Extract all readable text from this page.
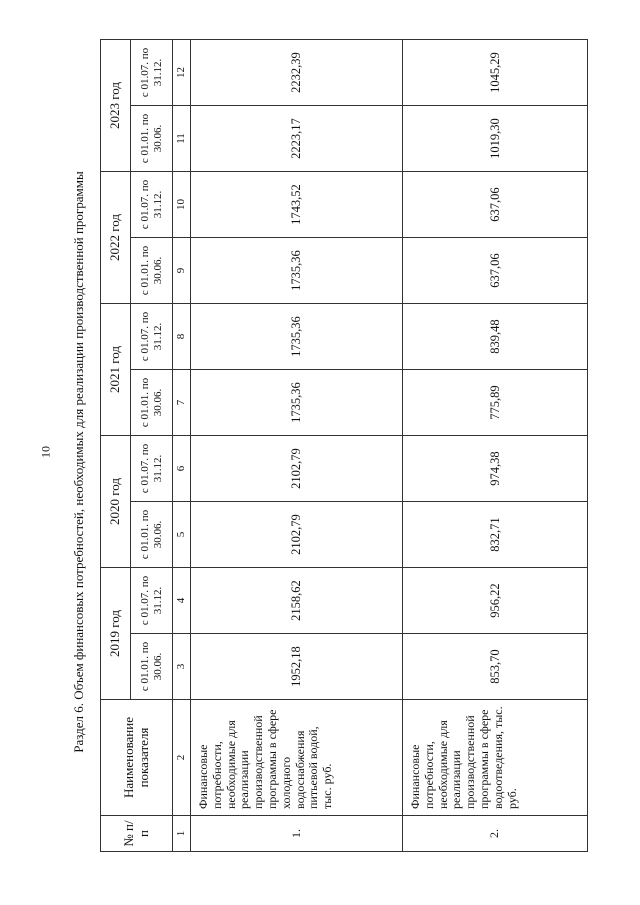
10 Раздел 6. Объем финансовых потребностей, необходимых для реализации производственной программы
№ п/п	Наименование показателя	2019 год		2020 год		2021 год		2022 год		2023 год	
		с 01.01. по 30.06.	с 01.07. по 31.12.	с 01.01. по 30.06.	с 01.07. по 31.12.	с 01.01. по 30.06.	с 01.07. по 31.12.	с 01.01. по 30.06.	с 01.07. по 31.12.	с 01.01. по 30.06.	с 01.07. по 31.12.
1	2	3	4	5	6	7	8	9	10	11	12
1.	Финансовые потребности, необходимые для реализации производственной программы в сфере холодного водоснабжения питьевой водой, тыс. руб.	1952,18	2158,62	2102,79	2102,79	1735,36	1735,36	1735,36	1743,52	2223,17	2232,39
2.	Финансовые потребности, необходимые для реализации производственной программы в сфере водоотведения, тыс. руб.	853,70	956,22	832,71	974,38	775,89	839,48	637,06	637,06	1019,30	1045,29
